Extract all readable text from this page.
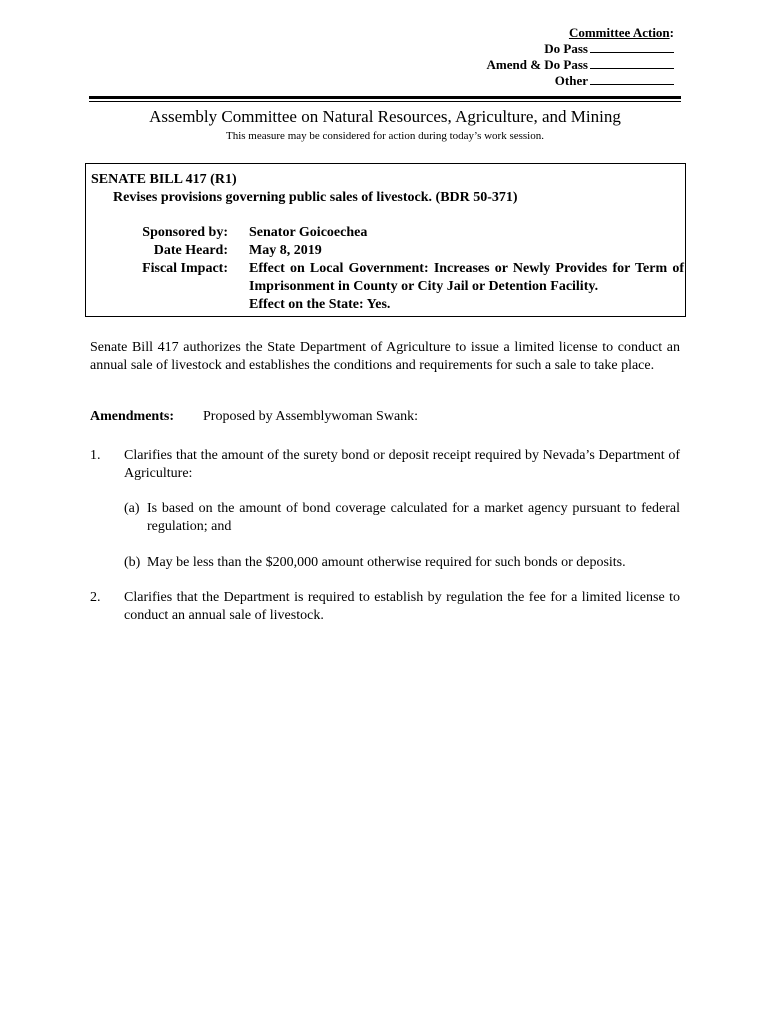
Committee Action:
Do Pass
Amend & Do Pass
Other
Assembly Committee on Natural Resources, Agriculture, and Mining
This measure may be considered for action during today’s work session.
SENATE BILL 417 (R1)
Revises provisions governing public sales of livestock. (BDR 50-371)
Sponsored by:
Date Heard:
Fiscal Impact:
Senator Goicoechea
May 8, 2019
Effect on Local Government: Increases or Newly Provides for Term of Imprisonment in County or City Jail or Detention Facility.
Effect on the State: Yes.
Senate Bill 417 authorizes the State Department of Agriculture to issue a limited license to conduct an annual sale of livestock and establishes the conditions and requirements for such a sale to take place.
Amendments: Proposed by Assemblywoman Swank:
1. Clarifies that the amount of the surety bond or deposit receipt required by Nevada’s Department of Agriculture:
(a) Is based on the amount of bond coverage calculated for a market agency pursuant to federal regulation; and
(b) May be less than the $200,000 amount otherwise required for such bonds or deposits.
2. Clarifies that the Department is required to establish by regulation the fee for a limited license to conduct an annual sale of livestock.
